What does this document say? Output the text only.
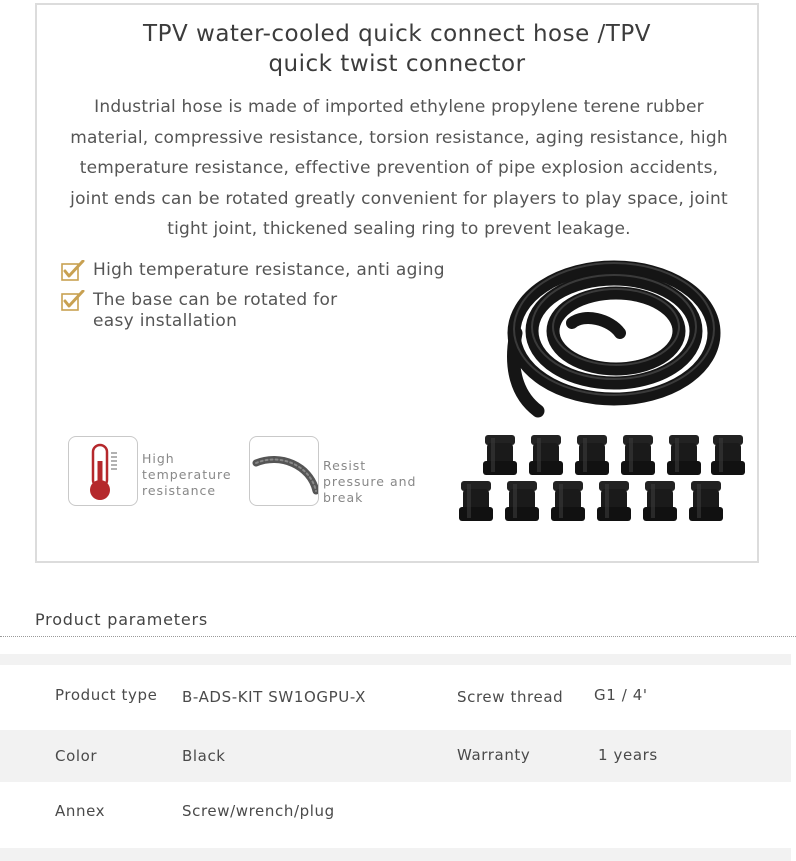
TPV water-cooled quick connect hose /TPV
quick twist connector
Industrial hose is made of imported ethylene propylene terene rubber material, compressive resistance, torsion resistance, aging resistance, high temperature resistance, effective prevention of pipe explosion accidents, joint ends can be rotated greatly convenient for players to play space, joint tight joint, thickened sealing ring to prevent leakage.
High temperature resistance, anti aging
The base can be rotated for easy installation
High temperature resistance
Resist pressure and break
Product parameters
Product type B-ADS-KIT SW1OGPU-X	Screw thread G1 / 4'
Color	Black	Warranty	1 years
Annex	Screw/wrench/plug
